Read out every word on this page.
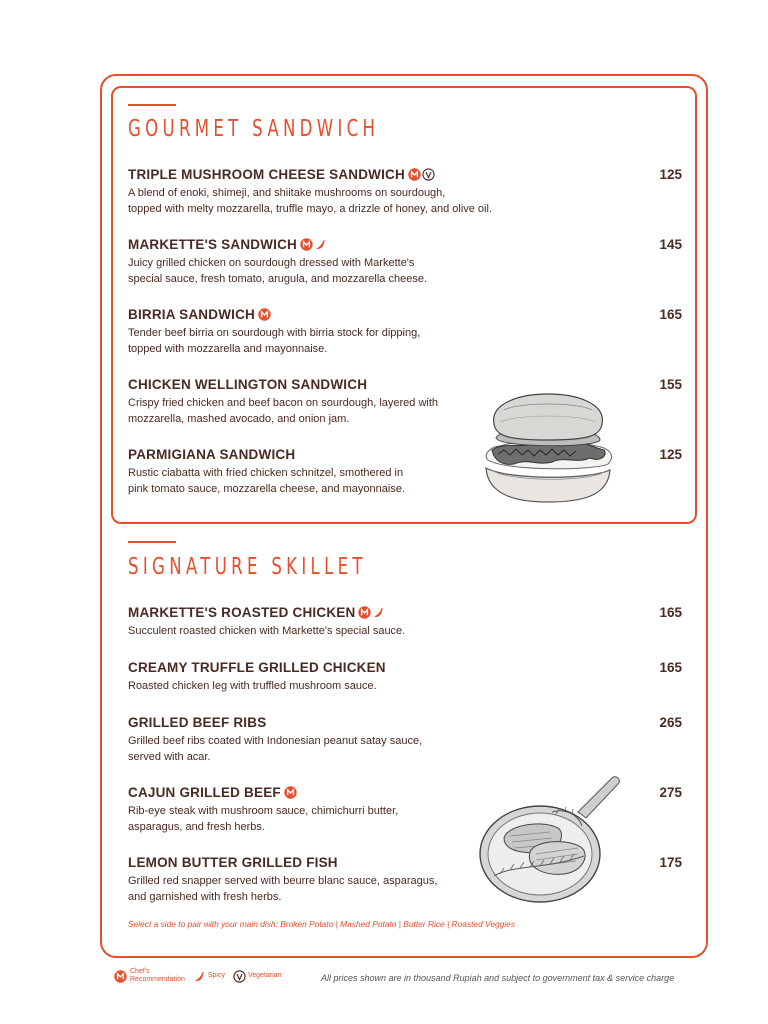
GOURMET SANDWICH
TRIPLE MUSHROOM CHEESE SANDWICH	125
A blend of enoki, shimeji, and shiitake mushrooms on sourdough,
topped with melty mozzarella, truffle mayo, a drizzle of honey, and olive oil.
MARKETTE'S SANDWICH	145
Juicy grilled chicken on sourdough dressed with Markette's
special sauce, fresh tomato, arugula, and mozzarella cheese.
BIRRIA SANDWICH	165
Tender beef birria on sourdough with birria stock for dipping,
topped with mozzarella and mayonnaise.
CHICKEN WELLINGTON SANDWICH	155
Crispy fried chicken and beef bacon on sourdough, layered with
mozzarella, mashed avocado, and onion jam.
PARMIGIANA SANDWICH	125
Rustic ciabatta with fried chicken schnitzel, smothered in
pink tomato sauce, mozzarella cheese, and mayonnaise.
SIGNATURE SKILLET
MARKETTE'S ROASTED CHICKEN	165
Succulent roasted chicken with Markette's special sauce.
CREAMY TRUFFLE GRILLED CHICKEN	165
Roasted chicken leg with truffled mushroom sauce.
GRILLED BEEF RIBS	265
Grilled beef ribs coated with Indonesian peanut satay sauce,
served with acar.
CAJUN GRILLED BEEF	275
Rib-eye steak with mushroom sauce, chimichurri butter,
asparagus, and fresh herbs.
LEMON BUTTER GRILLED FISH	175
Grilled red snapper served with beurre blanc sauce, asparagus,
and garnished with fresh herbs.
Select a side to pair with your main dish: Broken Potato | Mashed Potato | Butter Rice | Roasted Veggies
Chef's
Recommendation
Spicy	Vegetarian	All prices shown are in thousand Rupiah and subject to government tax & service charge
